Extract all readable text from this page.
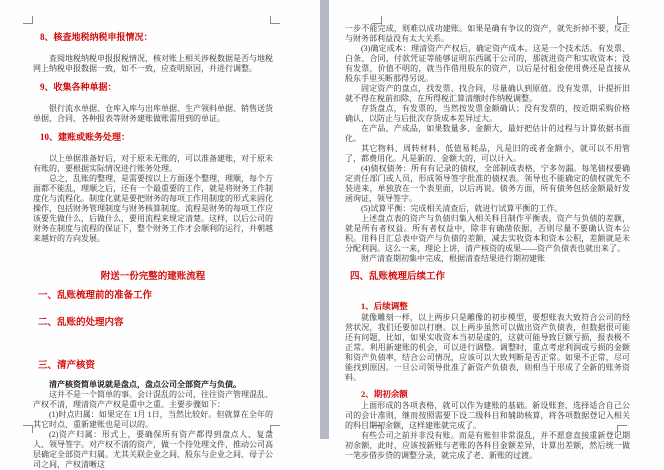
8、核查地税纳税申报情况：
查阅地税纳税申报报税情况，核对账上相关涉税数据是否与地税网上纳税申报数据一致，如不一致，应查明原因，并进行调整。
9、收集各种单据：
银行流水单据、仓库入库与出库单据、生产领料单据、销售送货单据、合同、各种报表等财务建账做账需用到的单证。
10、建账或账务处理：
以上单据准备好后，对于原未无账的，可以准备建账，对于原未有账的，要根据实际情况进行账务处理。
总之，乱账的整理，是需要按以上方面逐个整理，理顺，每个方面都不能乱，理顺之后，还有一个最重要的工作，就是将财务工作制度化与流程化。制度化就是要把财务的每项工作用制度的形式来固化操作，包括财务管理制度与财务核算制度。流程是财务的每项工作应该要先做什么，后做什么，要用流程来规定清楚。这样，以后公司的财务在制度与流程的保证下，整个财务工作才会顺利的运行，并朝越来越好的方向发展。
附送一份完整的建账流程
一、乱账梳理前的准备工作
二、乱账的处理内容
三、清产核资
清产核资简单说就是盘点，盘点公司全部资产与负债。
这并不是一个简单的事。会计混乱的公司，往往资产管理混乱、产权不清，理清资产产权是重中之重。主要步骤如下：
(1)时点归属：如果定在 1月 1日，当然比较好。但就算在全年的其它时点，重新建账也是可以的。
(2)资产归属：形式上，要确保所有资产都得到盘点人、复盘人、领导签字。对产权不清的资产，做一个待处理文件，推动公司高层确定全部资产归属。尤其关联企业之间、股东与企业之间、母子公司之间，产权清晰这
一步不能完成，则难以成功建账。如果是确有争议的资产，就先折掉不要，反正与财务部利益没有太大关系。
(3)确定成本：理清资产产权后，确定资产成本。这是一个技术活。有发票、白条、合同、付款凭证等能够证明东西属于公司的，那就进资产和实收资本；没有发票，价值不明的，就当作借用股东的资产，以后是付租金使用费还是直接从股东手里买断那得另说。
固定资产的盘点，找发票、找合同，尽量确认到原值。没有发票，计提折旧就不得在税前扣除，在所得税汇算清缴时作纳税调整。
存货盘点，有发票的，当然按发票金额确认；没有发票的，按近期采购价格确认，以防止与后批次存货成本差异过大。
在产品、产成品，如果数量多、金额大，最好把估计的过程与计算依据书面化。
其它物料、周转材料、低值易耗品，凡是旧的或者金额小，就可以不用管了，都费用化。凡是新的、金额大的，可以计入。
(4)债权债务：所有有记录的债权，全部制成表格，宁多勿漏。每笔债权要确定责任部门或人员，形成领导签字批准的债权表。领导也不能确定的债权就先不装进来，单独放在一个表里面，以后再说。债务方面，所有债务包括金额最好发函询证，领导签字。
(5)试算平衡：完成相关清查后，就进行试算平衡的工作。
上述盘点表的资产与负债归集入相关科目制作平衡表，资产与负债的差额，就是所有者权益。所有者权益中，除非有确凿依据，否则尽量不要确认资本公积。用科目汇总表中资产与负债的差额，减去实收资本和资本公积，差额就是未分配利润。这么一来，理论上讲，清产核资的成果——资产负债表也就出来了。
财产清查期初集中完成，根据清查结果进行期初建账
四、乱账梳理后续工作
1、后续调整
就像雕刻一样，以上两步只是雕像的初步模型，要想账表大致符合公司的经营状况，我们还要加以打磨。以上两步虽然可以做出资产负债表，但数据很可能还有问题，比如，如果实收资本当初是虚的，这就可能导致巨额亏损，报表极不正常。利用新建账的机会，可以进行调整。调整时，重点考虑利润或亏损的金额和资产负债率，结合公司情况，应该可以大致判断是否正常。如果不正常，尽可能找到原因。一旦公司领导批准了新资产负债表，则相当于形成了全新的账务资料。
2、期初余额
上面形成的各项表格，就可以作为建账的基础。新设账套，选择适合自己公司的会计准则，继而按照需要下设二级科目和辅助核算，将各项数据登记入相关的科目期初余额，这样建账就完成了。
有些公司之前并非没有账。而是有账但非常混乱，并不愿意直接重新登记期初余额，此时，应该按新账与老账的各科目金额差异，计算出差额，然后统一做一笔步借步贷的调整分录，就完成了老、新账的过渡。
